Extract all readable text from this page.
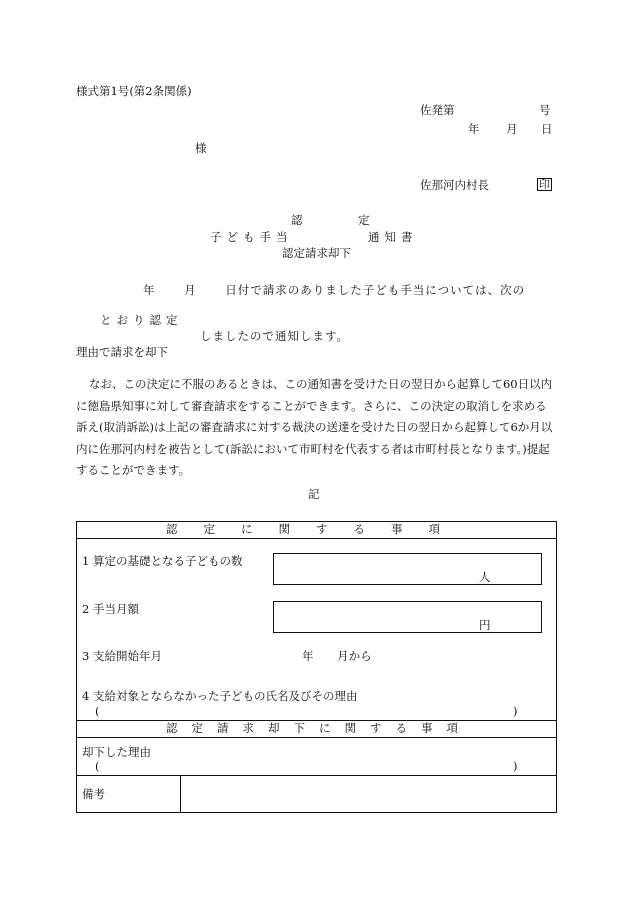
様式第1号(第2条関係)
佐発第	号
年 月 日
様
佐那河内村長	印
認 定
子ども手当	通知書
認定請求却下
年 月 日付で請求のありました子ども手当については、次の
とおり認定
しましたので通知します。
理由で請求を却下
なお、この決定に不服のあるときは、この通知書を受けた日の翌日から起算して60日以内に徳島県知事に対して審査請求をすることができます。さらに、この決定の取消しを求める訴え(取消訴訟)は上記の審査請求に対する裁決の送達を受けた日の翌日から起算して6か月以内に佐那河内村を被告として(訴訟において市町村を代表する者は市町村長となります。)提起することができます。
記
認定に関する事項
1 算定の基礎となる子どもの数
人
2 手当月額
円
3 支給開始年月	年 月から
4 支給対象とならなかった子どもの氏名及びその理由
(	)
認定請求却下に関する事項
却下した理由
(	)
備考
